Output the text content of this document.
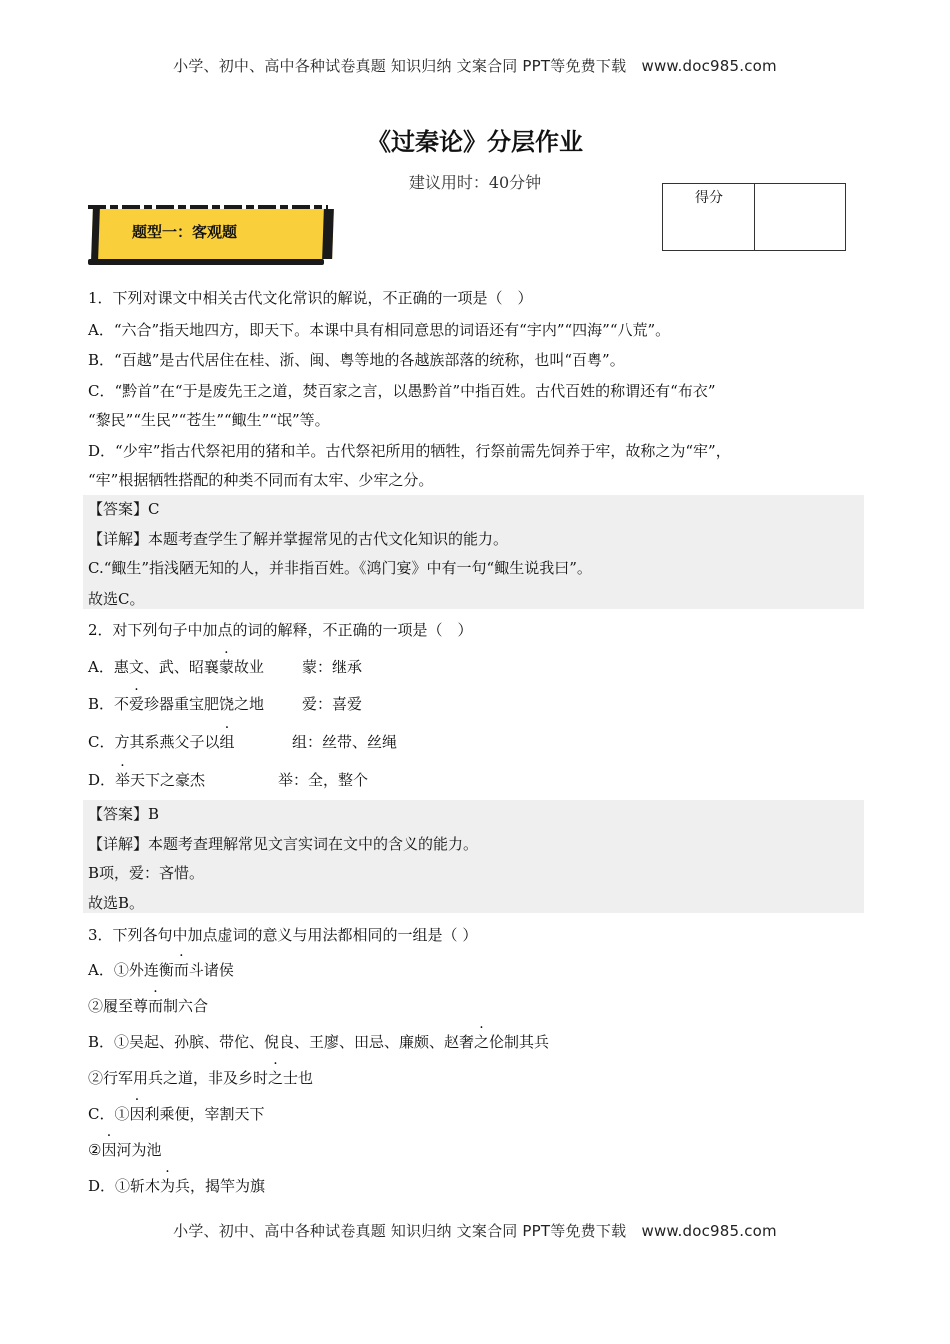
小学、初中、高中各种试卷真题 知识归纳 文案合同 PPT等免费下载　www.doc985.com
《过秦论》分层作业
建议用时：40分钟
得分
题型一：客观题
1．下列对课文中相关古代文化常识的解说，不正确的一项是（　）
A．“六合”指天地四方，即天下。本课中具有相同意思的词语还有“宇内”“四海”“八荒”。
B．“百越”是古代居住在桂、浙、闽、粤等地的各越族部落的统称，也叫“百粤”。
C．“黔首”在“于是废先王之道，焚百家之言，以愚黔首”中指百姓。古代百姓的称谓还有“布衣”
“黎民”“生民”“苍生”“鲰生”“氓”等。
D．“少牢”指古代祭祀用的猪和羊。古代祭祀所用的牺牲，行祭前需先饲养于牢，故称之为“牢”，
“牢”根据牺牲搭配的种类不同而有太牢、少牢之分。
【答案】C
【详解】本题考查学生了解并掌握常见的古代文化知识的能力。
C.“鲰生”指浅陋无知的人，并非指百姓。《鸿门宴》中有一句“鲰生说我曰”。
故选C。
2．对下列句子中加点的词的解释，不正确的一项是（　）
A．惠文、武、昭襄蒙故业	蒙：继承
B．不爱珍器重宝肥饶之地	爱：喜爱
C．方其系燕父子以组	组：丝带、丝绳
D．举天下之豪杰	举：全，整个
【答案】B
【详解】本题考查理解常见文言实词在文中的含义的能力。
B项，爱：吝惜。
故选B。
3．下列各句中加点虚词的意义与用法都相同的一组是（ ）
A．①外连衡而斗诸侯
②履至尊而制六合
B．①吴起、孙膑、带佗、倪良、王廖、田忌、廉颇、赵奢之伦制其兵
②行军用兵之道，非及乡时之士也
C．①因利乘便，宰割天下
②因河为池
D．①斩木为兵，揭竿为旗
小学、初中、高中各种试卷真题 知识归纳 文案合同 PPT等免费下载　www.doc985.com
